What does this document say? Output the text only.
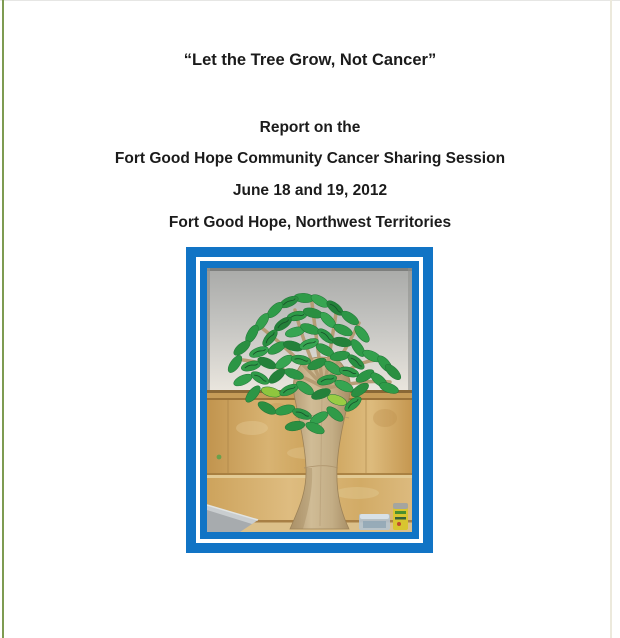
“Let the Tree Grow, Not Cancer”

Report on the

Fort Good Hope Community Cancer Sharing Session

June 18 and 19, 2012

Fort Good Hope, Northwest Territories
